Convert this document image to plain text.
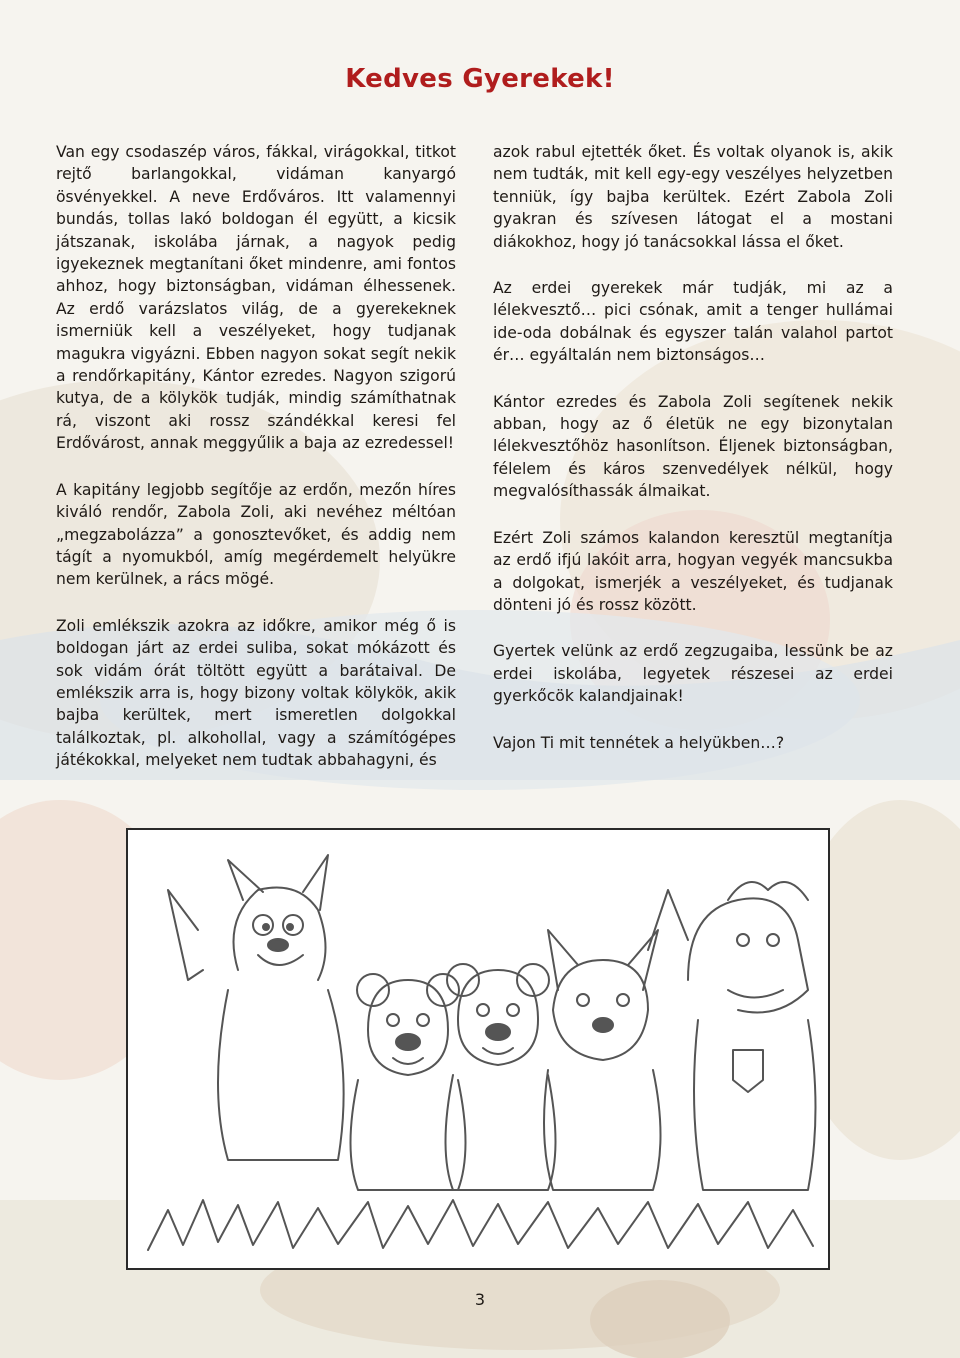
Kedves Gyerekek!

Van egy csodaszép város, fákkal, virágokkal, titkot rejtő barlangokkal, vidáman kanyargó ösvényekkel. A neve Erdőváros. Itt valamennyi bundás, tollas lakó boldogan él együtt, a kicsik játszanak, iskolába járnak, a nagyok pedig igyekeznek megtanítani őket mindenre, ami fontos ahhoz, hogy biztonságban, vidáman élhessenek. Az erdő varázslatos világ, de a gyerekeknek ismerniük kell a veszélyeket, hogy tudjanak magukra vigyázni. Ebben nagyon sokat segít nekik a rendőrkapitány, Kántor ezredes. Nagyon szigorú kutya, de a kölykök tudják, mindig számíthatnak rá, viszont aki rossz szándékkal keresi fel Erdővárost, annak meggyűlik a baja az ezredessel!

A kapitány legjobb segítője az erdőn, mezőn híres kiváló rendőr, Zabola Zoli, aki nevéhez méltóan „megzabolázza” a gonosztevőket, és addig nem tágít a nyomukból, amíg megérdemelt helyükre nem kerülnek, a rács mögé.

Zoli emlékszik azokra az időkre, amikor még ő is boldogan járt az erdei suliba, sokat mókázott és sok vidám órát töltött együtt a barátaival. De emlékszik arra is, hogy bizony voltak kölykök, akik bajba kerültek, mert ismeretlen dolgokkal találkoztak, pl. alkohollal, vagy a számítógépes játékokkal, melyeket nem tudtak abbahagyni, és

azok rabul ejtették őket. És voltak olyanok is, akik nem tudták, mit kell egy-egy veszélyes helyzetben tenniük, így bajba kerültek. Ezért Zabola Zoli gyakran és szívesen látogat el a mostani diákokhoz, hogy jó tanácsokkal lássa el őket.

Az erdei gyerekek már tudják, mi az a lélekvesztő… pici csónak, amit a tenger hullámai ide-oda dobálnak és egyszer talán valahol partot ér… egyáltalán nem biztonságos…

Kántor ezredes és Zabola Zoli segítenek nekik abban, hogy az ő életük ne egy bizonytalan lélekvesztőhöz hasonlítson. Éljenek biztonságban, félelem és káros szenvedélyek nélkül, hogy megvalósíthassák álmaikat.

Ezért Zoli számos kalandon keresztül megtanítja az erdő ifjú lakóit arra, hogyan vegyék mancsukba a dolgokat, ismerjék a veszélyeket, és tudjanak dönteni jó és rossz között.

Gyertek velünk az erdő zegzugaiba, lessünk be az erdei iskolába, legyetek részesei az erdei gyerkőcök kalandjainak!

Vajon Ti mit tennétek a helyükben…?

3
